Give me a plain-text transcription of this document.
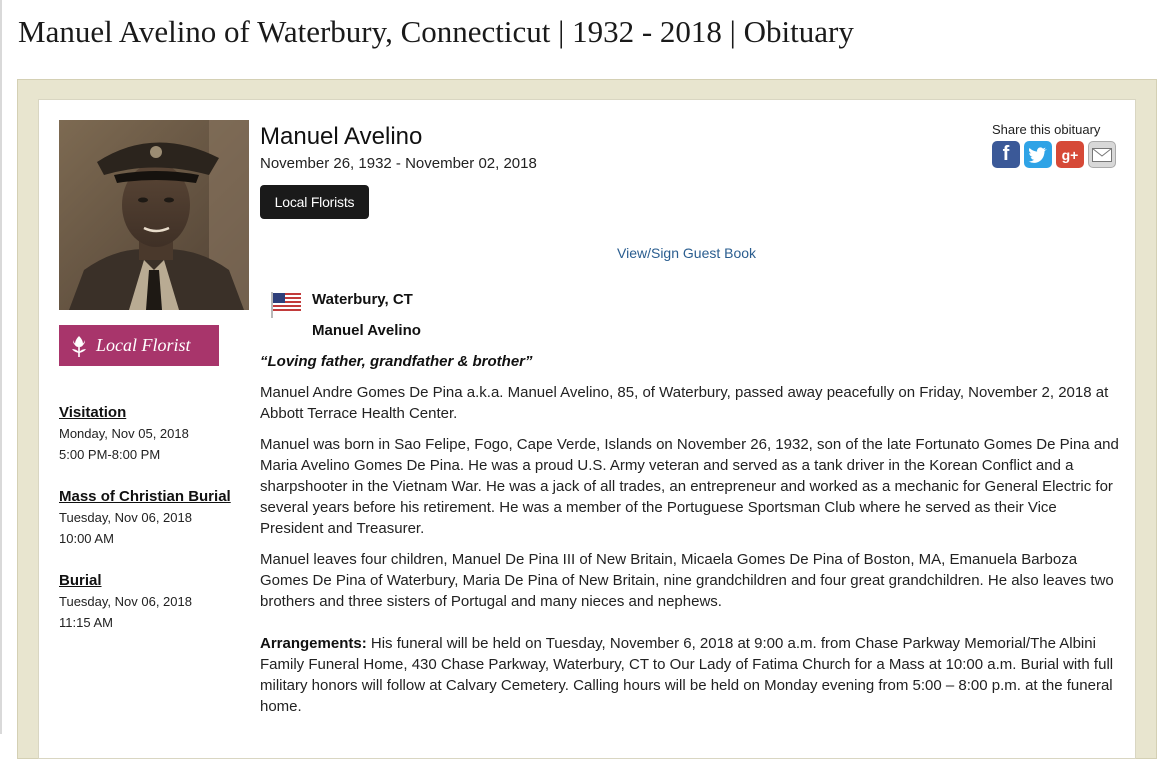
Manuel Avelino of Waterbury, Connecticut | 1932 - 2018 | Obituary
Local Florist
Visitation
Monday, Nov 05, 2018
5:00 PM-8:00 PM
Mass of Christian Burial
Tuesday, Nov 06, 2018
10:00 AM
Burial
Tuesday, Nov 06, 2018
11:15 AM
Manuel Avelino
November 26, 1932 - November 02, 2018
Local Florists
Share this obituary
f	g+
View/Sign Guest Book
Waterbury, CT
Manuel Avelino
“Loving father, grandfather & brother”

Manuel Andre Gomes De Pina a.k.a. Manuel Avelino, 85, of Waterbury, passed away peacefully on Friday, November 2, 2018 at Abbott Terrace Health Center.

Manuel was born in Sao Felipe, Fogo, Cape Verde, Islands on November 26, 1932, son of the late Fortunato Gomes De Pina and Maria Avelino Gomes De Pina. He was a proud U.S. Army veteran and served as a tank driver in the Korean Conflict and a sharpshooter in the Vietnam War. He was a jack of all trades, an entrepreneur and worked as a mechanic for General Electric for several years before his retirement. He was a member of the Portuguese Sportsman Club where he served as their Vice President and Treasurer.

Manuel leaves four children, Manuel De Pina III of New Britain, Micaela Gomes De Pina of Boston, MA, Emanuela Barboza Gomes De Pina of Waterbury, Maria De Pina of New Britain, nine grandchildren and four great grandchildren. He also leaves two brothers and three sisters of Portugal and many nieces and nephews.

Arrangements: His funeral will be held on Tuesday, November 6, 2018 at 9:00 a.m. from Chase Parkway Memorial/The Albini Family Funeral Home, 430 Chase Parkway, Waterbury, CT to Our Lady of Fatima Church for a Mass at 10:00 a.m. Burial with full military honors will follow at Calvary Cemetery. Calling hours will be held on Monday evening from 5:00 – 8:00 p.m. at the funeral home.
